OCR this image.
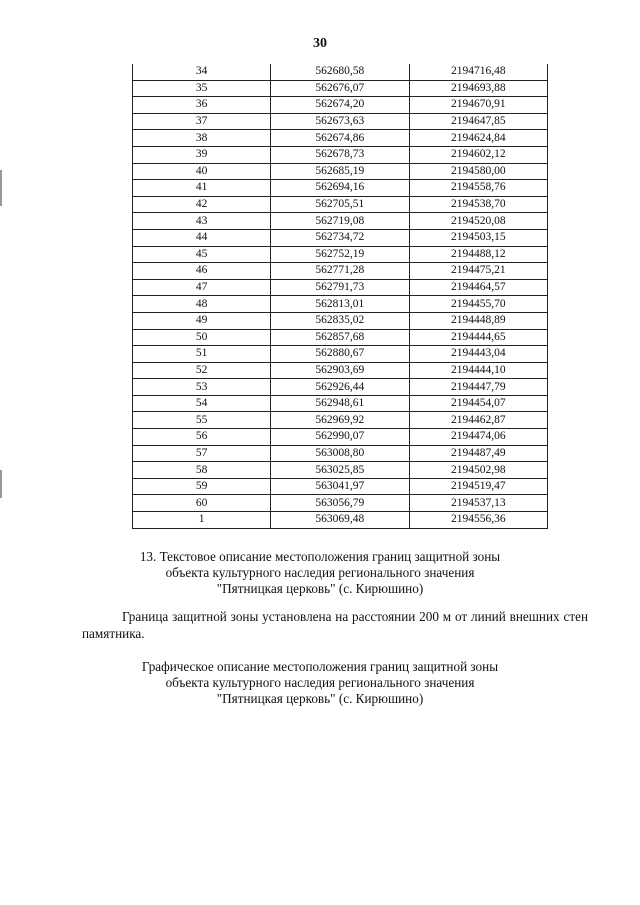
30
34	562680,58	2194716,48
35	562676,07	2194693,88
36	562674,20	2194670,91
37	562673,63	2194647,85
38	562674,86	2194624,84
39	562678,73	2194602,12
40	562685,19	2194580,00
41	562694,16	2194558,76
42	562705,51	2194538,70
43	562719,08	2194520,08
44	562734,72	2194503,15
45	562752,19	2194488,12
46	562771,28	2194475,21
47	562791,73	2194464,57
48	562813,01	2194455,70
49	562835,02	2194448,89
50	562857,68	2194444,65
51	562880,67	2194443,04
52	562903,69	2194444,10
53	562926,44	2194447,79
54	562948,61	2194454,07
55	562969,92	2194462,87
56	562990,07	2194474,06
57	563008,80	2194487,49
58	563025,85	2194502,98
59	563041,97	2194519,47
60	563056,79	2194537,13
1	563069,48	2194556,36
13. Текстовое описание местоположения границ защитной зоны
объекта культурного наследия регионального значения
"Пятницкая церковь" (с. Кирюшино)
Граница защитной зоны установлена на расстоянии 200 м от линий внешних стен памятника.
Графическое описание местоположения границ защитной зоны
объекта культурного наследия регионального значения
"Пятницкая церковь" (с. Кирюшино)
